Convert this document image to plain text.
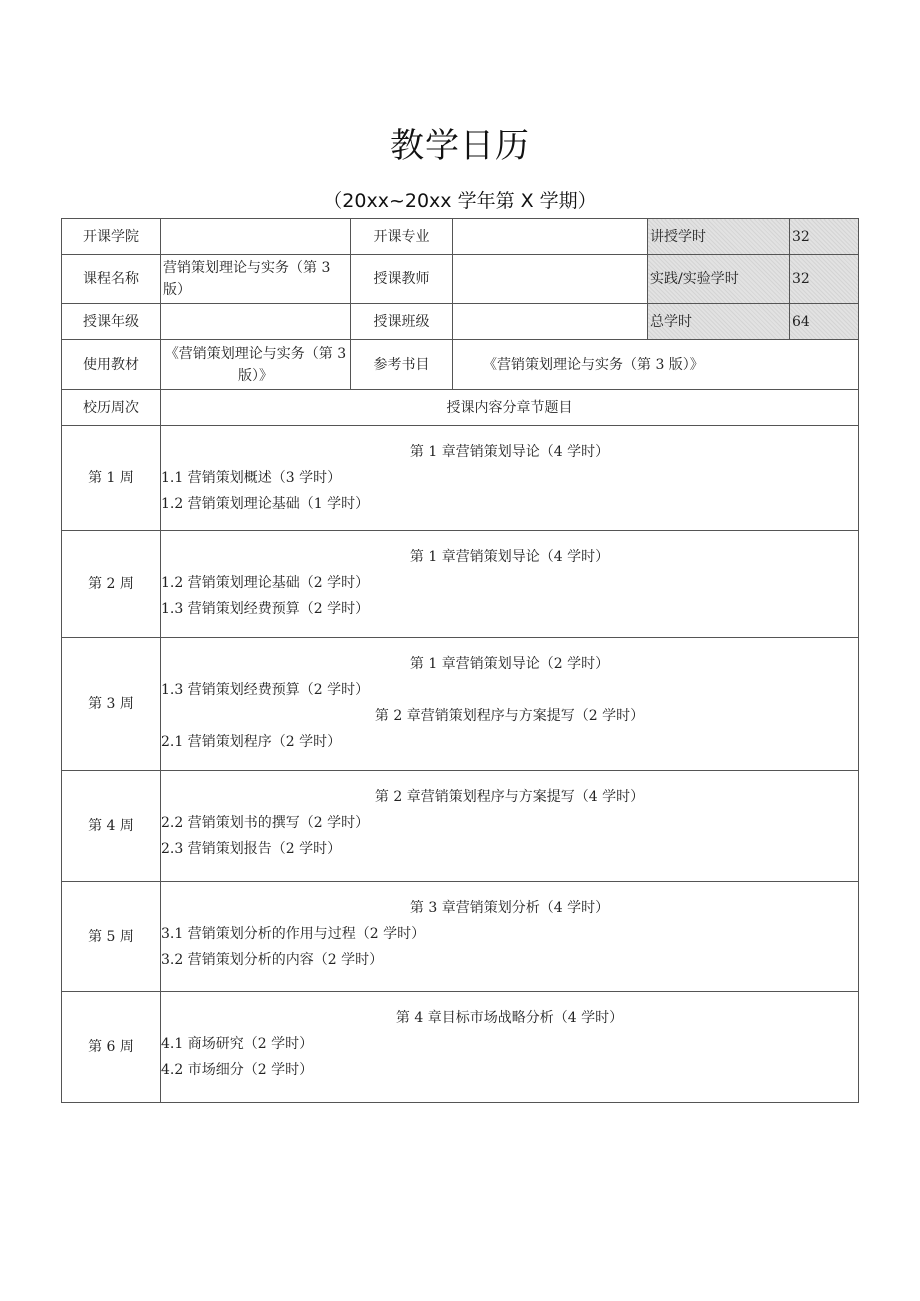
教学日历
（20xx~20xx 学年第 X 学期）
开课学院		开课专业		讲授学时	32
课程名称	营销策划理论与实务（第 3 版）	授课教师		实践/实验学时	32
授课年级		授课班级		总学时	64
使用教材	《营销策划理论与实务（第 3 版）》	参考书目	《营销策划理论与实务（第 3 版）》		
校历周次	授课内容分章节题目				
第 1 周	第 1 章营销策划导论（4 学时）
1.1 营销策划概述（3 学时）
1.2 营销策划理论基础（1 学时）				

第 2 周	第 1 章营销策划导论（4 学时）
1.2 营销策划理论基础（2 学时）
1.3 营销策划经费预算（2 学时）				

第 3 周	第 1 章营销策划导论（2 学时）
1.3 营销策划经费预算（2 学时）
第 2 章营销策划程序与方案提写（2 学时）
2.1 营销策划程序（2 学时）				

第 4 周	第 2 章营销策划程序与方案提写（4 学时）
2.2 营销策划书的撰写（2 学时）
2.3 营销策划报告（2 学时）				

第 5 周	第 3 章营销策划分析（4 学时）
3.1 营销策划分析的作用与过程（2 学时）
3.2 营销策划分析的内容（2 学时）				

第 6 周	第 4 章目标市场战略分析（4 学时）
4.1 商场研究（2 学时）
4.2 市场细分（2 学时）				
